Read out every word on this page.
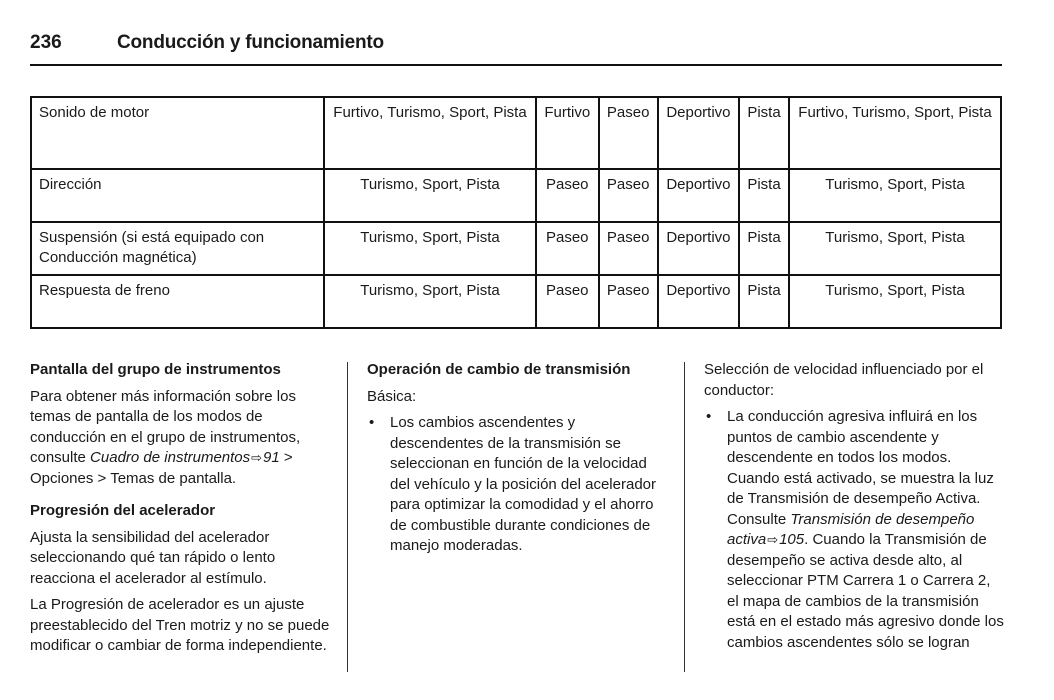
236	Conducción y funcionamiento
Sonido de motor	Furtivo, Turismo, Sport, Pista	Furtivo	Paseo	Deportivo	Pista	Furtivo, Turismo, Sport, Pista
Dirección	Turismo, Sport, Pista	Paseo	Paseo	Deportivo	Pista	Turismo, Sport, Pista
Suspensión (si está equipado con Conducción magnética)	Turismo, Sport, Pista	Paseo	Paseo	Deportivo	Pista	Turismo, Sport, Pista
Respuesta de freno	Turismo, Sport, Pista	Paseo	Paseo	Deportivo	Pista	Turismo, Sport, Pista
Pantalla del grupo de instrumentos
Para obtener más información sobre los temas de pantalla de los modos de conducción en el grupo de instrumentos, consulte Cuadro de instrumentos⇨91 > Opciones > Temas de pantalla.
Progresión del acelerador
Ajusta la sensibilidad del acelerador seleccionando qué tan rápido o lento reacciona el acelerador al estímulo.
La Progresión de acelerador es un ajuste preestablecido del Tren motriz y no se puede modificar o cambiar de forma independiente.
Operación de cambio de transmisión
Básica:
• Los cambios ascendentes y descendentes de la transmisión se seleccionan en función de la velocidad del vehículo y la posición del acelerador para optimizar la comodidad y el ahorro de combustible durante condiciones de manejo moderadas.
Selección de velocidad influenciado por el conductor:
• La conducción agresiva influirá en los puntos de cambio ascendente y descendente en todos los modos. Cuando está activado, se muestra la luz de Transmisión de desempeño Activa. Consulte Transmisión de desempeño activa⇨105. Cuando la Transmisión de desempeño se activa desde alto, al seleccionar PTM Carrera 1 o Carrera 2, el mapa de cambios de la transmisión está en el estado más agresivo donde los cambios ascendentes sólo se logran
